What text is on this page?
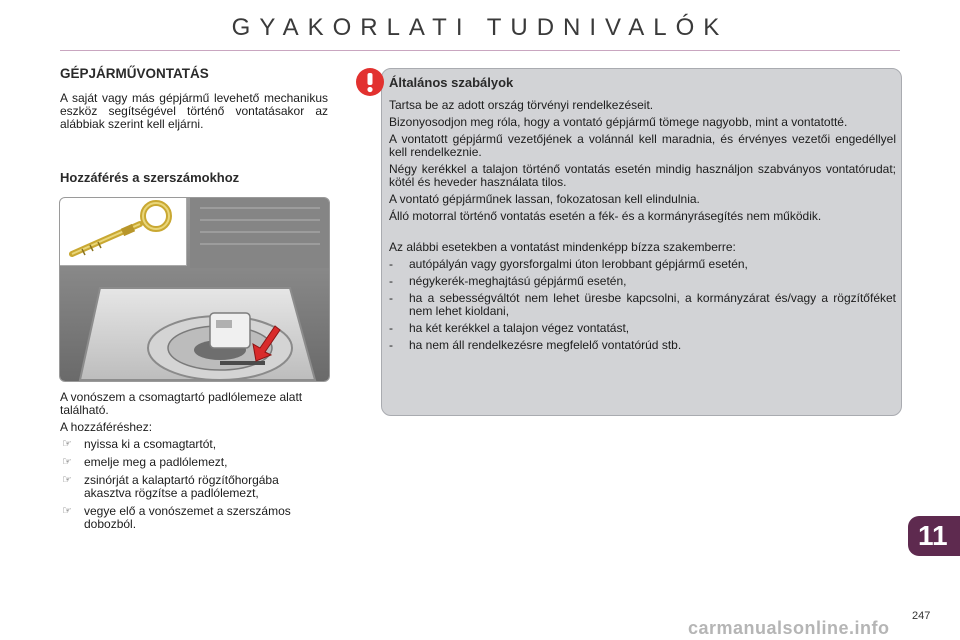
GYAKORLATI TUDNIVALÓK
GÉPJÁRMŰVONTATÁS
A saját vagy más gépjármű levehető mechanikus eszköz segítségével történő vontatásakor az alábbiak szerint kell eljárni.
Hozzáférés a szerszámokhoz

A vonószem a csomagtartó padlólemeze alatt található.

A hozzáféréshez:

☞ nyissa ki a csomagtartót,
☞ emelje meg a padlólemezt,
☞ zsinórját a kalaptartó rögzítőhorgába akasztva rögzítse a padlólemezt,
☞ vegye elő a vonószemet a szerszámos dobozból.
Általános szabályok

Tartsa be az adott ország törvényi rendelkezéseit.

Bizonyosodjon meg róla, hogy a vontató gépjármű tömege nagyobb, mint a vontatotté.

A vontatott gépjármű vezetőjének a volánnál kell maradnia, és érvényes vezetői engedéllyel kell rendelkeznie.

Négy kerékkel a talajon történő vontatás esetén mindig használjon szabványos vontatórudat; kötél és heveder használata tilos.

A vontató gépjárműnek lassan, fokozatosan kell elindulnia.

Álló motorral történő vontatás esetén a fék- és a kormányrásegítés nem működik.

Az alábbi esetekben a vontatást mindenképp bízza szakemberre:

- autópályán vagy gyorsforgalmi úton lerobbant gépjármű esetén,
- négykerék-meghajtású gépjármű esetén,
- ha a sebességváltót nem lehet üresbe kapcsolni, a kormányzárat és/vagy a rögzítőféket nem lehet kioldani,
- ha két kerékkel a talajon végez vontatást,
- ha nem áll rendelkezésre megfelelő vontatórúd stb.
11
247
carmanualsonline.info
